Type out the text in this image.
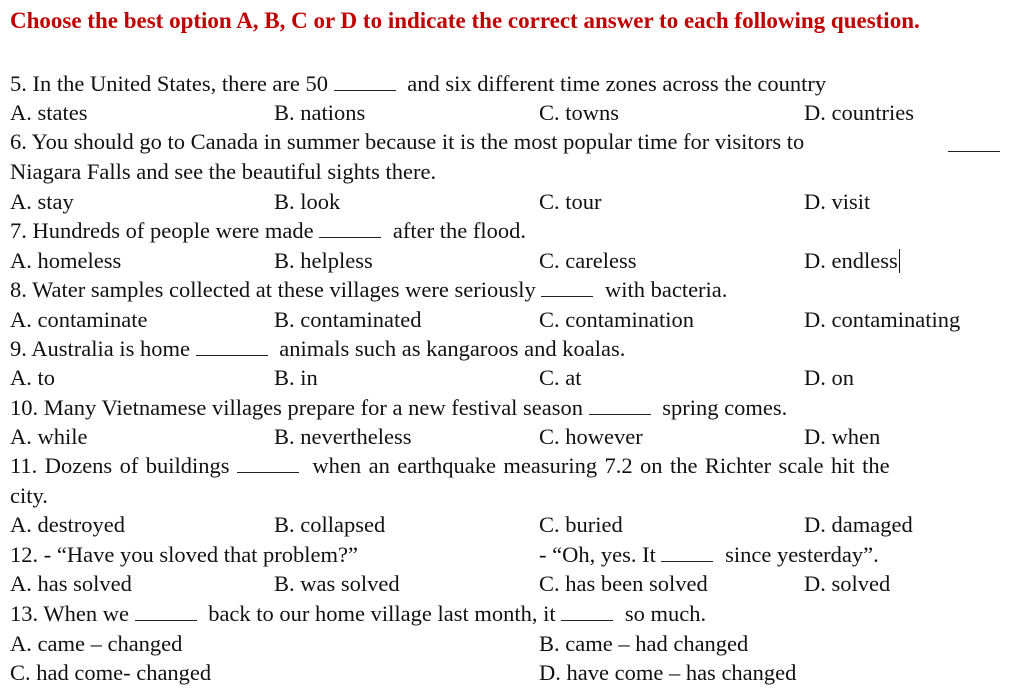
Choose the best option A, B, C or D to indicate the correct answer to each following question.
5. In the United States, there are 50	and six different time zones across the country
A. states	B. nations	C. towns	D. countries
6. You should go to Canada in summer because it is the most popular time for visitors to
Niagara Falls and see the beautiful sights there.
A. stay	B. look	C. tour	D. visit
7. Hundreds of people were made	after the flood.
A. homeless	B. helpless	C. careless	D. endless
8. Water samples collected at these villages were seriously	with bacteria.
A. contaminate	B. contaminated	C. contamination	D. contaminating
9. Australia is home	animals such as kangaroos and koalas.
A. to	B. in	C. at	D. on
10. Many Vietnamese villages prepare for a new festival season	spring comes.
A. while	B. nevertheless	C. however	D. when
11. Dozens of buildings	when an earthquake measuring 7.2 on the Richter scale hit the
city.
A. destroyed	B. collapsed	C. buried	D. damaged
12. - “Have you sloved that problem?”	- “Oh, yes. It	since yesterday”.
A. has solved	B. was solved	C. has been solved	D. solved
13. When we	back to our home village last month, it	so much.
A. came – changed	B. came – had changed
C. had come- changed	D. have come – has changed
